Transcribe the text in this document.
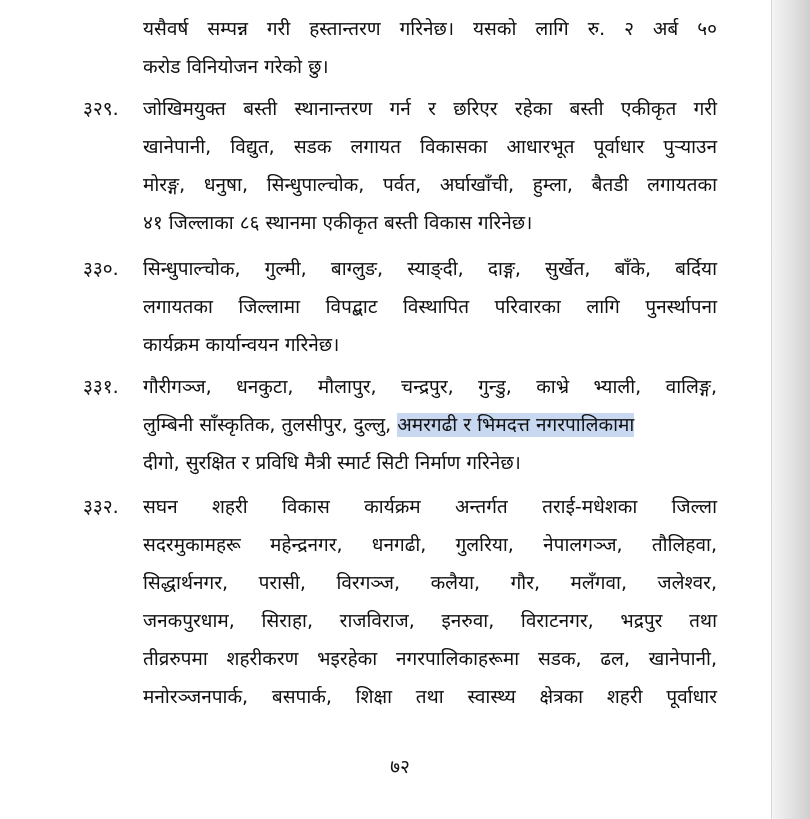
यसैवर्ष सम्पन्न गरी हस्तान्तरण गरिनेछ। यसको लागि रु. २ अर्ब ५०
करोड विनियोजन गरेको छु।
३२९. जोखिमयुक्त बस्ती स्थानान्तरण गर्न र छरिएर रहेका बस्ती एकीकृत गरी
खानेपानी, विद्युत, सडक लगायत विकासका आधारभूत पूर्वाधार पुऱ्याउन
मोरङ्ग, धनुषा, सिन्धुपाल्चोक, पर्वत, अर्घाखाँची, हुम्ला, बैतडी लगायतका
४१ जिल्लाका ८६ स्थानमा एकीकृत बस्ती विकास गरिनेछ।
३३०. सिन्धुपाल्चोक, गुल्मी, बाग्लुङ, स्याङ्दी, दाङ्ग, सुर्खेत, बाँके, बर्दिया
लगायतका जिल्लामा विपद्बाट विस्थापित परिवारका लागि पुनर्स्थापना
कार्यक्रम कार्यान्वयन गरिनेछ।
३३१. गौरीगञ्ज, धनकुटा, मौलापुर, चन्द्रपुर, गुन्डु, काभ्रे भ्याली, वालिङ्ग,
लुम्बिनी साँस्कृतिक, तुलसीपुर, दुल्लु, अमरगढी र भिमदत्त नगरपालिकामा
दीगो, सुरक्षित र प्रविधि मैत्री स्मार्ट सिटी निर्माण गरिनेछ।
३३२. सघन शहरी विकास कार्यक्रम अन्तर्गत तराई-मधेशका जिल्ला
सदरमुकामहरू महेन्द्रनगर, धनगढी, गुलरिया, नेपालगञ्ज, तौलिहवा,
सिद्धार्थनगर, परासी, विरगञ्ज, कलैया, गौर, मलँगवा, जलेश्वर,
जनकपुरधाम, सिराहा, राजविराज, इनरुवा, विराटनगर, भद्रपुर तथा
तीव्ररुपमा शहरीकरण भइरहेका नगरपालिकाहरूमा सडक, ढल, खानेपानी,
मनोरञ्जनपार्क, बसपार्क, शिक्षा तथा स्वास्थ्य क्षेत्रका शहरी पूर्वाधार
७२
